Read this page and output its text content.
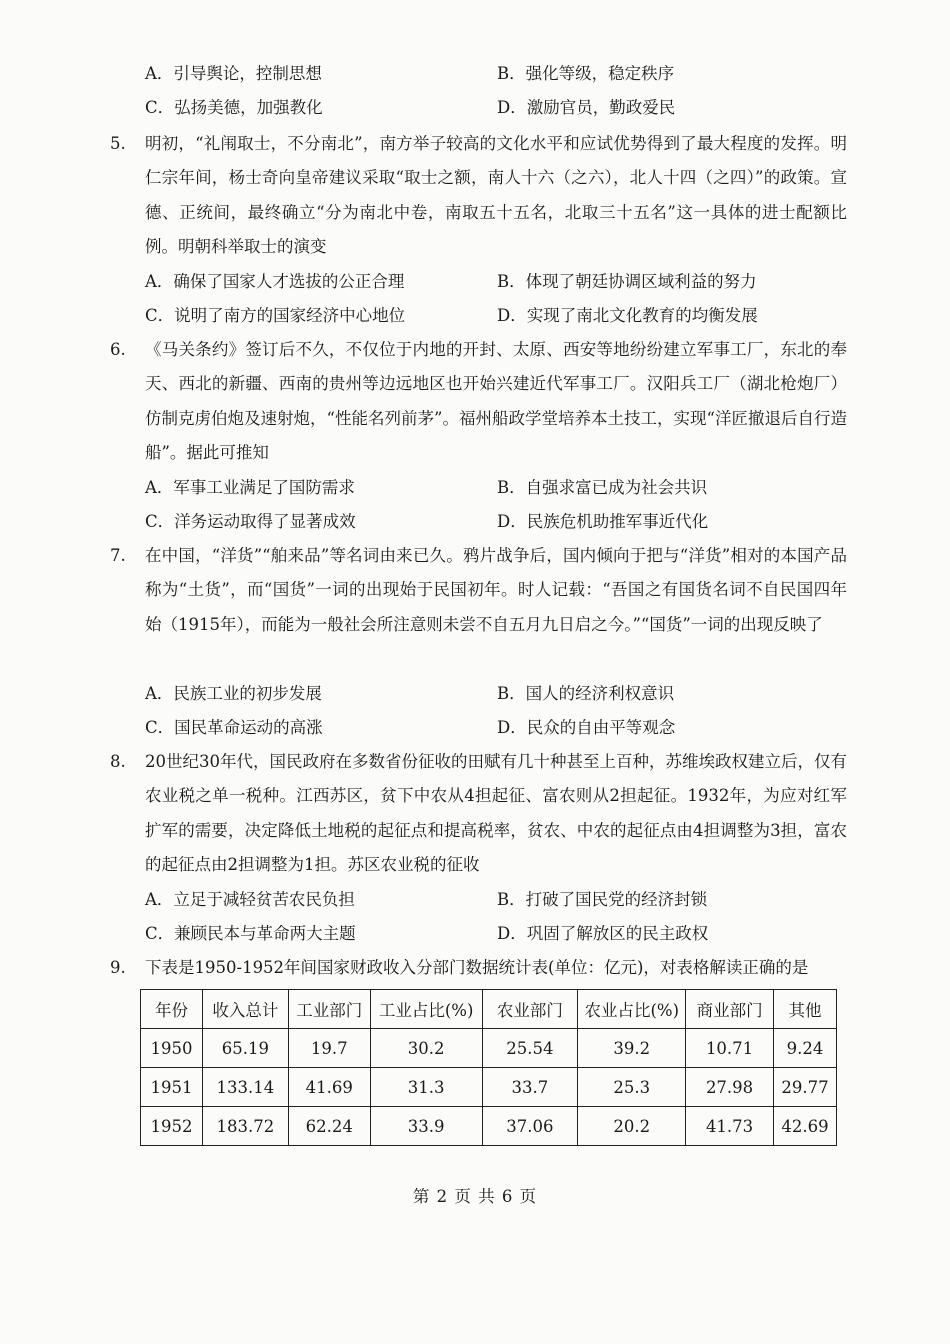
A．引导舆论，控制思想	B．强化等级，稳定秩序
C．弘扬美德，加强教化	D．激励官员，勤政爱民
5. 明初，“礼闱取士，不分南北”，南方举子较高的文化水平和应试优势得到了最大程度的发挥。明仁宗年间，杨士奇向皇帝建议采取“取士之额，南人十六（之六），北人十四（之四）”的政策。宣德、正统间，最终确立“分为南北中卷，南取五十五名，北取三十五名”这一具体的进士配额比例。明朝科举取士的演变
A．确保了国家人才选拔的公正合理	B．体现了朝廷协调区域利益的努力
C．说明了南方的国家经济中心地位	D．实现了南北文化教育的均衡发展
6. 《马关条约》签订后不久，不仅位于内地的开封、太原、西安等地纷纷建立军事工厂，东北的奉天、西北的新疆、西南的贵州等边远地区也开始兴建近代军事工厂。汉阳兵工厂（湖北枪炮厂）仿制克虏伯炮及速射炮，“性能名列前茅”。福州船政学堂培养本土技工，实现“洋匠撤退后自行造船”。据此可推知
A．军事工业满足了国防需求	B．自强求富已成为社会共识
C．洋务运动取得了显著成效	D．民族危机助推军事近代化
7. 在中国，“洋货”“舶来品”等名词由来已久。鸦片战争后，国内倾向于把与“洋货”相对的本国产品称为“土货”，而“国货”一词的出现始于民国初年。时人记载：“吾国之有国货名词不自民国四年始（1915年），而能为一般社会所注意则未尝不自五月九日启之今。”“国货”一词的出现反映了
A．民族工业的初步发展	B．国人的经济利权意识
C．国民革命运动的高涨	D．民众的自由平等观念
8. 20世纪30年代，国民政府在多数省份征收的田赋有几十种甚至上百种，苏维埃政权建立后，仅有农业税之单一税种。江西苏区，贫下中农从4担起征、富农则从2担起征。1932年，为应对红军扩军的需要，决定降低土地税的起征点和提高税率，贫农、中农的起征点由4担调整为3担，富农的起征点由2担调整为1担。苏区农业税的征收
A．立足于减轻贫苦农民负担	B．打破了国民党的经济封锁
C．兼顾民本与革命两大主题	D．巩固了解放区的民主政权
9. 下表是1950-1952年间国家财政收入分部门数据统计表(单位：亿元)，对表格解读正确的是
年份	收入总计	工业部门	工业占比(%)	农业部门	农业占比(%)	商业部门	其他
1950	65.19	19.7	30.2	25.54	39.2	10.71	9.24
1951	133.14	41.69	31.3	33.7	25.3	27.98	29.77
1952	183.72	62.24	33.9	37.06	20.2	41.73	42.69
第 2 页 共 6 页
